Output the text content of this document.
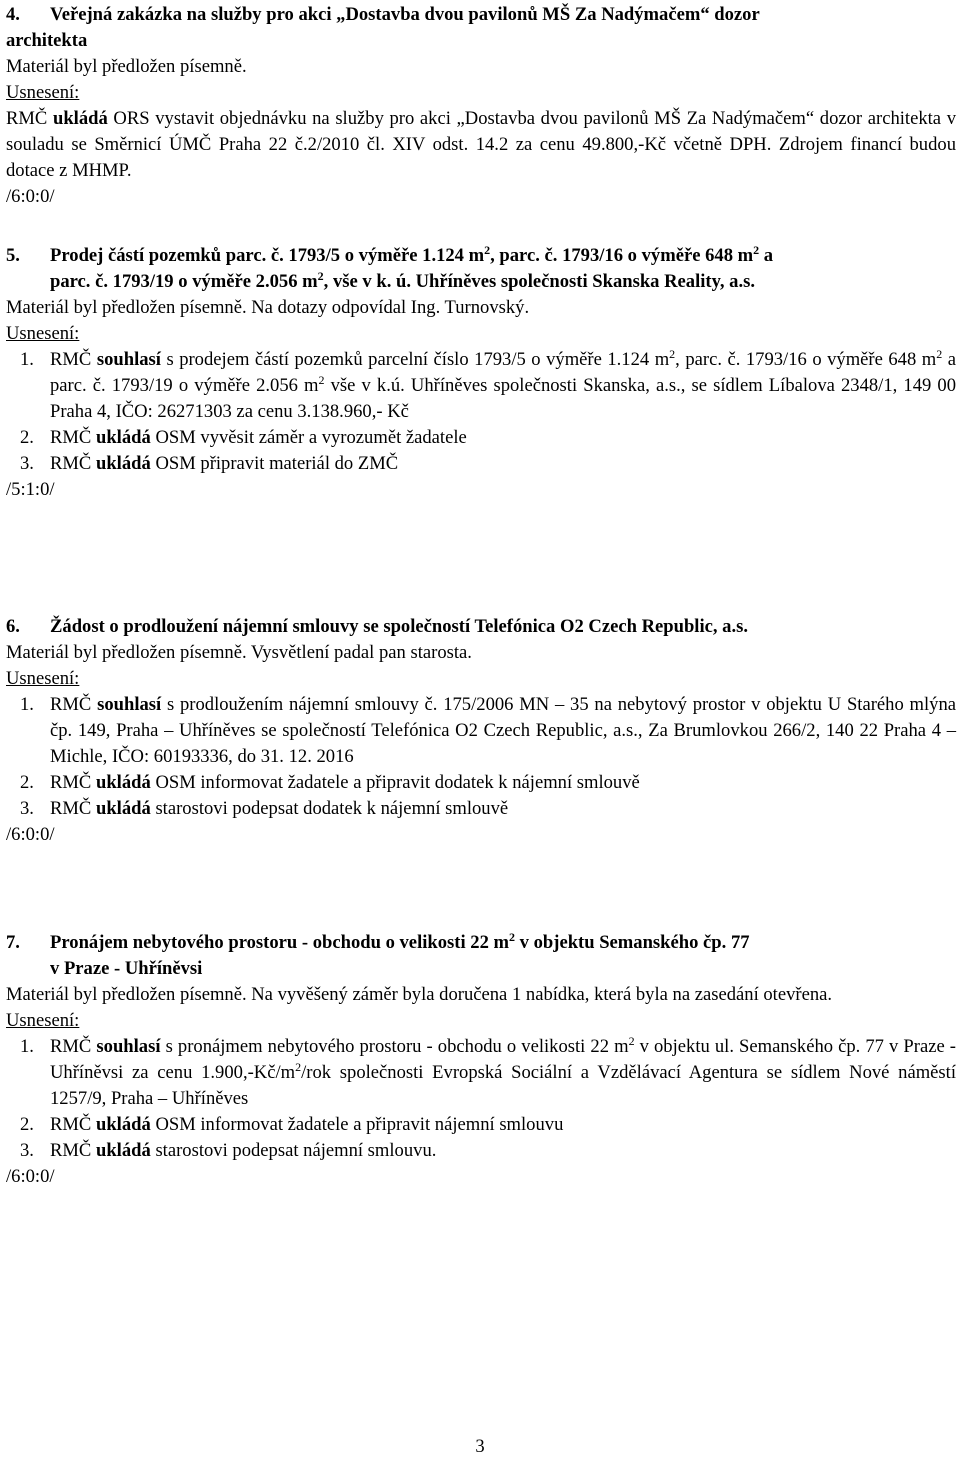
4. Veřejná zakázka na služby pro akci „Dostavba dvou pavilonů MŠ Za Nadýmačem“ dozor
architekta
Materiál byl předložen písemně.
Usnesení:
RMČ ukládá ORS vystavit objednávku na služby pro akci „Dostavba dvou pavilonů MŠ Za Nadýmačem“ dozor architekta v souladu se Směrnicí ÚMČ Praha 22 č.2/2010 čl. XIV odst. 14.2 za cenu 49.800,-Kč včetně DPH. Zdrojem financí budou dotace z MHMP.
/6:0:0/
5. Prodej částí pozemků parc. č. 1793/5 o výměře 1.124 $m^2$, parc. č. 1793/16 o výměře 648 $m^2$ a
parc. č. 1793/19 o výměře 2.056 $m^2$, vše v k. ú. Uhříněves společnosti Skanska Reality, a.s.
Materiál byl předložen písemně. Na dotazy odpovídal Ing. Turnovský.
Usnesení:
1. RMČ souhlasí s prodejem částí pozemků parcelní číslo 1793/5 o výměře 1.124 $m^2$, parc. č. 1793/16 o výměře 648 $m^2$ a parc. č. 1793/19 o výměře 2.056 $m^2$ vše v k.ú. Uhříněves společnosti Skanska, a.s., se sídlem Líbalova 2348/1, 149 00 Praha 4, IČO: 26271303 za cenu 3.138.960,- Kč
2. RMČ ukládá OSM vyvěsit záměr a vyrozumět žadatele
3. RMČ ukládá OSM připravit materiál do ZMČ
/5:1:0/
6. Žádost o prodloužení nájemní smlouvy se společností Telefónica O2 Czech Republic, a.s.
Materiál byl předložen písemně. Vysvětlení padal pan starosta.
Usnesení:
1. RMČ souhlasí s prodloužením nájemní smlouvy č. 175/2006 MN – 35 na nebytový prostor v objektu U Starého mlýna čp. 149, Praha – Uhříněves se společností Telefónica O2 Czech Republic, a.s., Za Brumlovkou 266/2, 140 22 Praha 4 – Michle, IČO: 60193336, do 31. 12. 2016
2. RMČ ukládá OSM informovat žadatele a připravit dodatek k nájemní smlouvě
3. RMČ ukládá starostovi podepsat dodatek k nájemní smlouvě
/6:0:0/
7. Pronájem nebytového prostoru - obchodu o velikosti 22 $m^2$ v objektu Semanského čp. 77
v Praze - Uhříněvsi
Materiál byl předložen písemně. Na vyvěšený záměr byla doručena 1 nabídka, která byla na zasedání otevřena.
Usnesení:
1. RMČ souhlasí s pronájmem nebytového prostoru - obchodu o velikosti 22 $m^2$ v objektu ul. Semanského čp. 77 v Praze - Uhříněvsi za cenu $1.900,-Kč/m^2$/rok společnosti Evropská Sociální a Vzdělávací Agentura se sídlem Nové náměstí 1257/9, Praha – Uhříněves
2. RMČ ukládá OSM informovat žadatele a připravit nájemní smlouvu
3. RMČ ukládá starostovi podepsat nájemní smlouvu.
/6:0:0/
3
